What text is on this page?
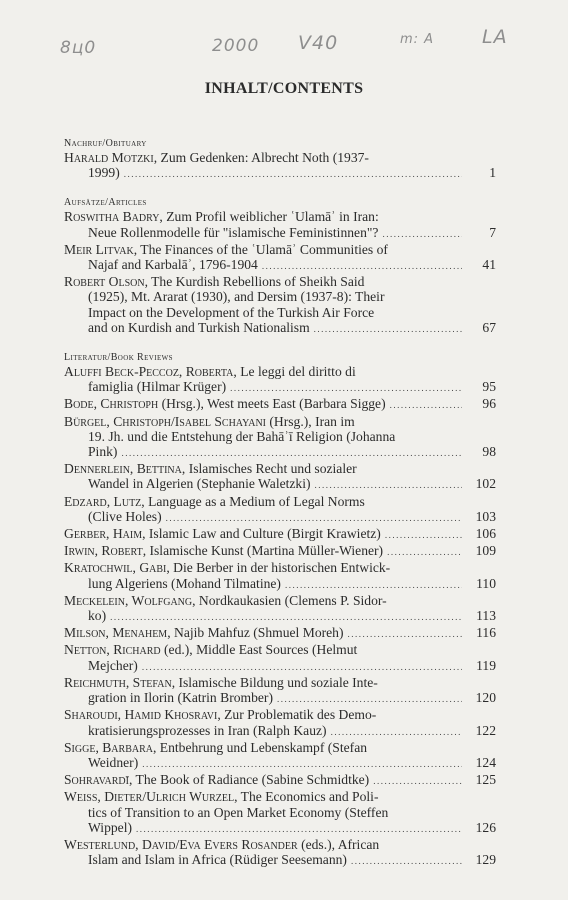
8ц0	2000 V40	m: A	LA
INHALT/CONTENTS
Nachruf/Obituary
Harald Motzki, Zum Gedenken: Albrecht Noth (1937-
1999) .....	1
Aufsätze/Articles
Roswitha Badry, Zum Profil weiblicher ʿUlamāʾ in Iran:
Neue Rollenmodelle für "islamische Feministinnen"? .....	7
Meir Litvak, The Finances of the ʿUlamāʾ Communities of
Najaf and Karbalāʾ, 1796-1904 .....	41
Robert Olson, The Kurdish Rebellions of Sheikh Said
(1925), Mt. Ararat (1930), and Dersim (1937-8): Their
Impact on the Development of the Turkish Air Force
and on Kurdish and Turkish Nationalism .....	67
Literatur/Book Reviews
Aluffi Beck-Peccoz, Roberta, Le leggi del diritto di
famiglia (Hilmar Krüger) .....	95
Bode, Christoph (Hrsg.), West meets East (Barbara Sigge) .....	96
Bürgel, Christoph/Isabel Schayani (Hrsg.), Iran im
19. Jh. und die Entstehung der Bahāʾī Religion (Johanna
Pink) .....	98
Dennerlein, Bettina, Islamisches Recht und sozialer
Wandel in Algerien (Stephanie Waletzki) .....	102
Edzard, Lutz, Language as a Medium of Legal Norms
(Clive Holes) .....	103
Gerber, Haim, Islamic Law and Culture (Birgit Krawietz) .....	106
Irwin, Robert, Islamische Kunst (Martina Müller-Wiener) .....	109
Kratochwil, Gabi, Die Berber in der historischen Entwick-
lung Algeriens (Mohand Tilmatine) .....	110
Meckelein, Wolfgang, Nordkaukasien (Clemens P. Sidor-
ko) .....	113
Milson, Menahem, Najib Mahfuz (Shmuel Moreh) .....	116
Netton, Richard (ed.), Middle East Sources (Helmut
Mejcher) .....	119
Reichmuth, Stefan, Islamische Bildung und soziale Inte-
gration in Ilorin (Katrin Bromber) .....	120
Sharoudi, Hamid Khosravi, Zur Problematik des Demo-
kratisierungsprozesses in Iran (Ralph Kauz) .....	122
Sigge, Barbara, Entbehrung und Lebenskampf (Stefan
Weidner) .....	124
Sohravardī, The Book of Radiance (Sabine Schmidtke) .....	125
Weiss, Dieter/Ulrich Wurzel, The Economics and Poli-
tics of Transition to an Open Market Economy (Steffen
Wippel) .....	126
Westerlund, David/Eva Evers Rosander (eds.), African
Islam and Islam in Africa (Rüdiger Seesemann) .....	129
